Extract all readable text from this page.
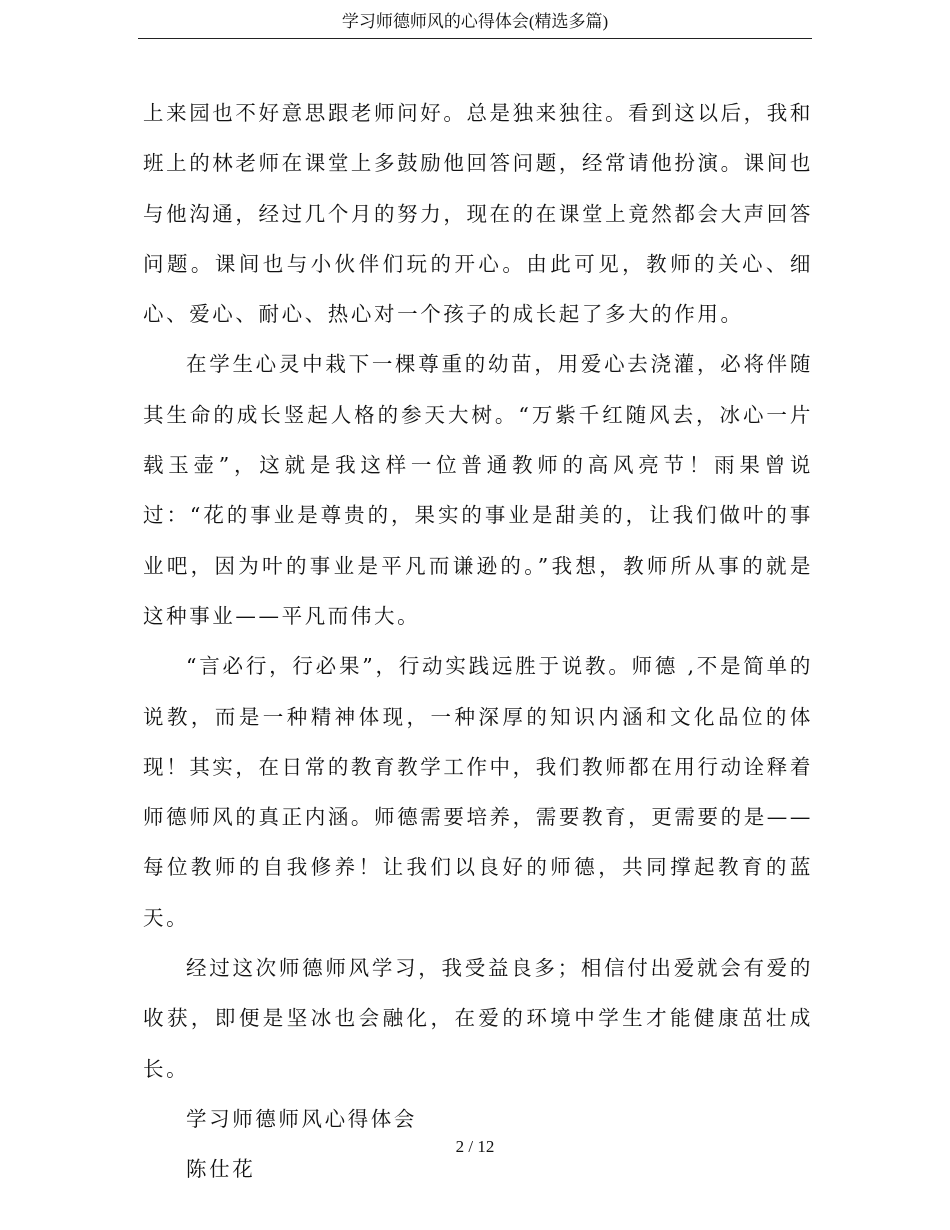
学习师德师风的心得体会(精选多篇)

上来园也不好意思跟老师问好。总是独来独往。看到这以后，我和班上的林老师在课堂上多鼓励他回答问题，经常请他扮演。课间也与他沟通，经过几个月的努力，现在的在课堂上竟然都会大声回答问题。课间也与小伙伴们玩的开心。由此可见，教师的关心、细心、爱心、耐心、热心对一个孩子的成长起了多大的作用。

在学生心灵中栽下一棵尊重的幼苗，用爱心去浇灌，必将伴随其生命的成长竖起人格的参天大树。“万紫千红随风去，冰心一片载玉壶”，这就是我这样一位普通教师的高风亮节！雨果曾说过：“花的事业是尊贵的，果实的事业是甜美的，让我们做叶的事业吧，因为叶的事业是平凡而谦逊的。”我想，教师所从事的就是这种事业——平凡而伟大。

“言必行，行必果”，行动实践远胜于说教。师德 ,不是简单的说教，而是一种精神体现，一种深厚的知识内涵和文化品位的体现！其实，在日常的教育教学工作中，我们教师都在用行动诠释着师德师风的真正内涵。师德需要培养，需要教育，更需要的是——每位教师的自我修养！让我们以良好的师德，共同撑起教育的蓝天。

经过这次师德师风学习，我受益良多；相信付出爱就会有爱的收获，即便是坚冰也会融化，在爱的环境中学生才能健康茁壮成长。

学习师德师风心得体会

陈仕花

2 / 12
